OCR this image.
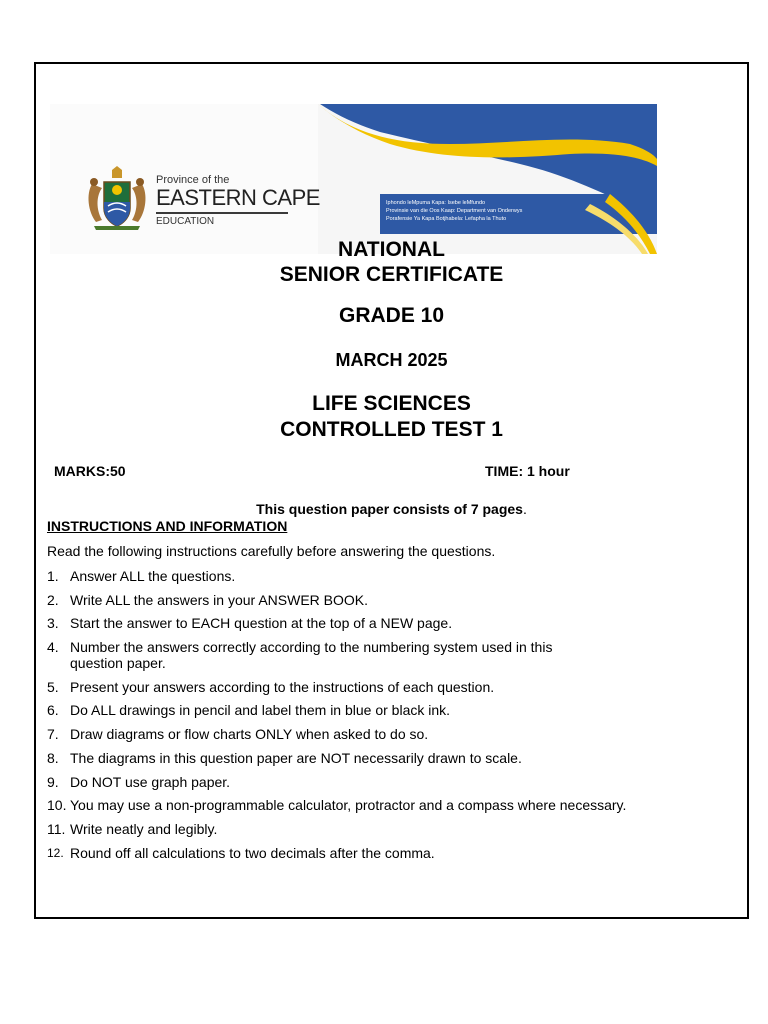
Province of the
EASTERN CAPE
EDUCATION
Iphondo leMpuma Kapa: Isebe leMfundo
Provinsie van die Oos Kaap: Department van Onderwys
Porafensie Ya Kapa Botjhabela: Lefapha la Thuto
NATIONAL
SENIOR CERTIFICATE
GRADE 10
MARCH 2025
LIFE SCIENCES
CONTROLLED TEST 1
MARKS:50	TIME: 1 hour
This question paper consists of 7 pages.
INSTRUCTIONS AND INFORMATION
Read the following instructions carefully before answering the questions.
1. Answer ALL the questions.
2. Write ALL the answers in your ANSWER BOOK.
3. Start the answer to EACH question at the top of a NEW page.
4. Number the answers correctly according to the numbering system used in this question paper.
5. Present your answers according to the instructions of each question.
6. Do ALL drawings in pencil and label them in blue or black ink.
7. Draw diagrams or flow charts ONLY when asked to do so.
8. The diagrams in this question paper are NOT necessarily drawn to scale.
9. Do NOT use graph paper.
10. You may use a non-programmable calculator, protractor and a compass where necessary.
11. Write neatly and legibly.
12. Round off all calculations to two decimals after the comma.
